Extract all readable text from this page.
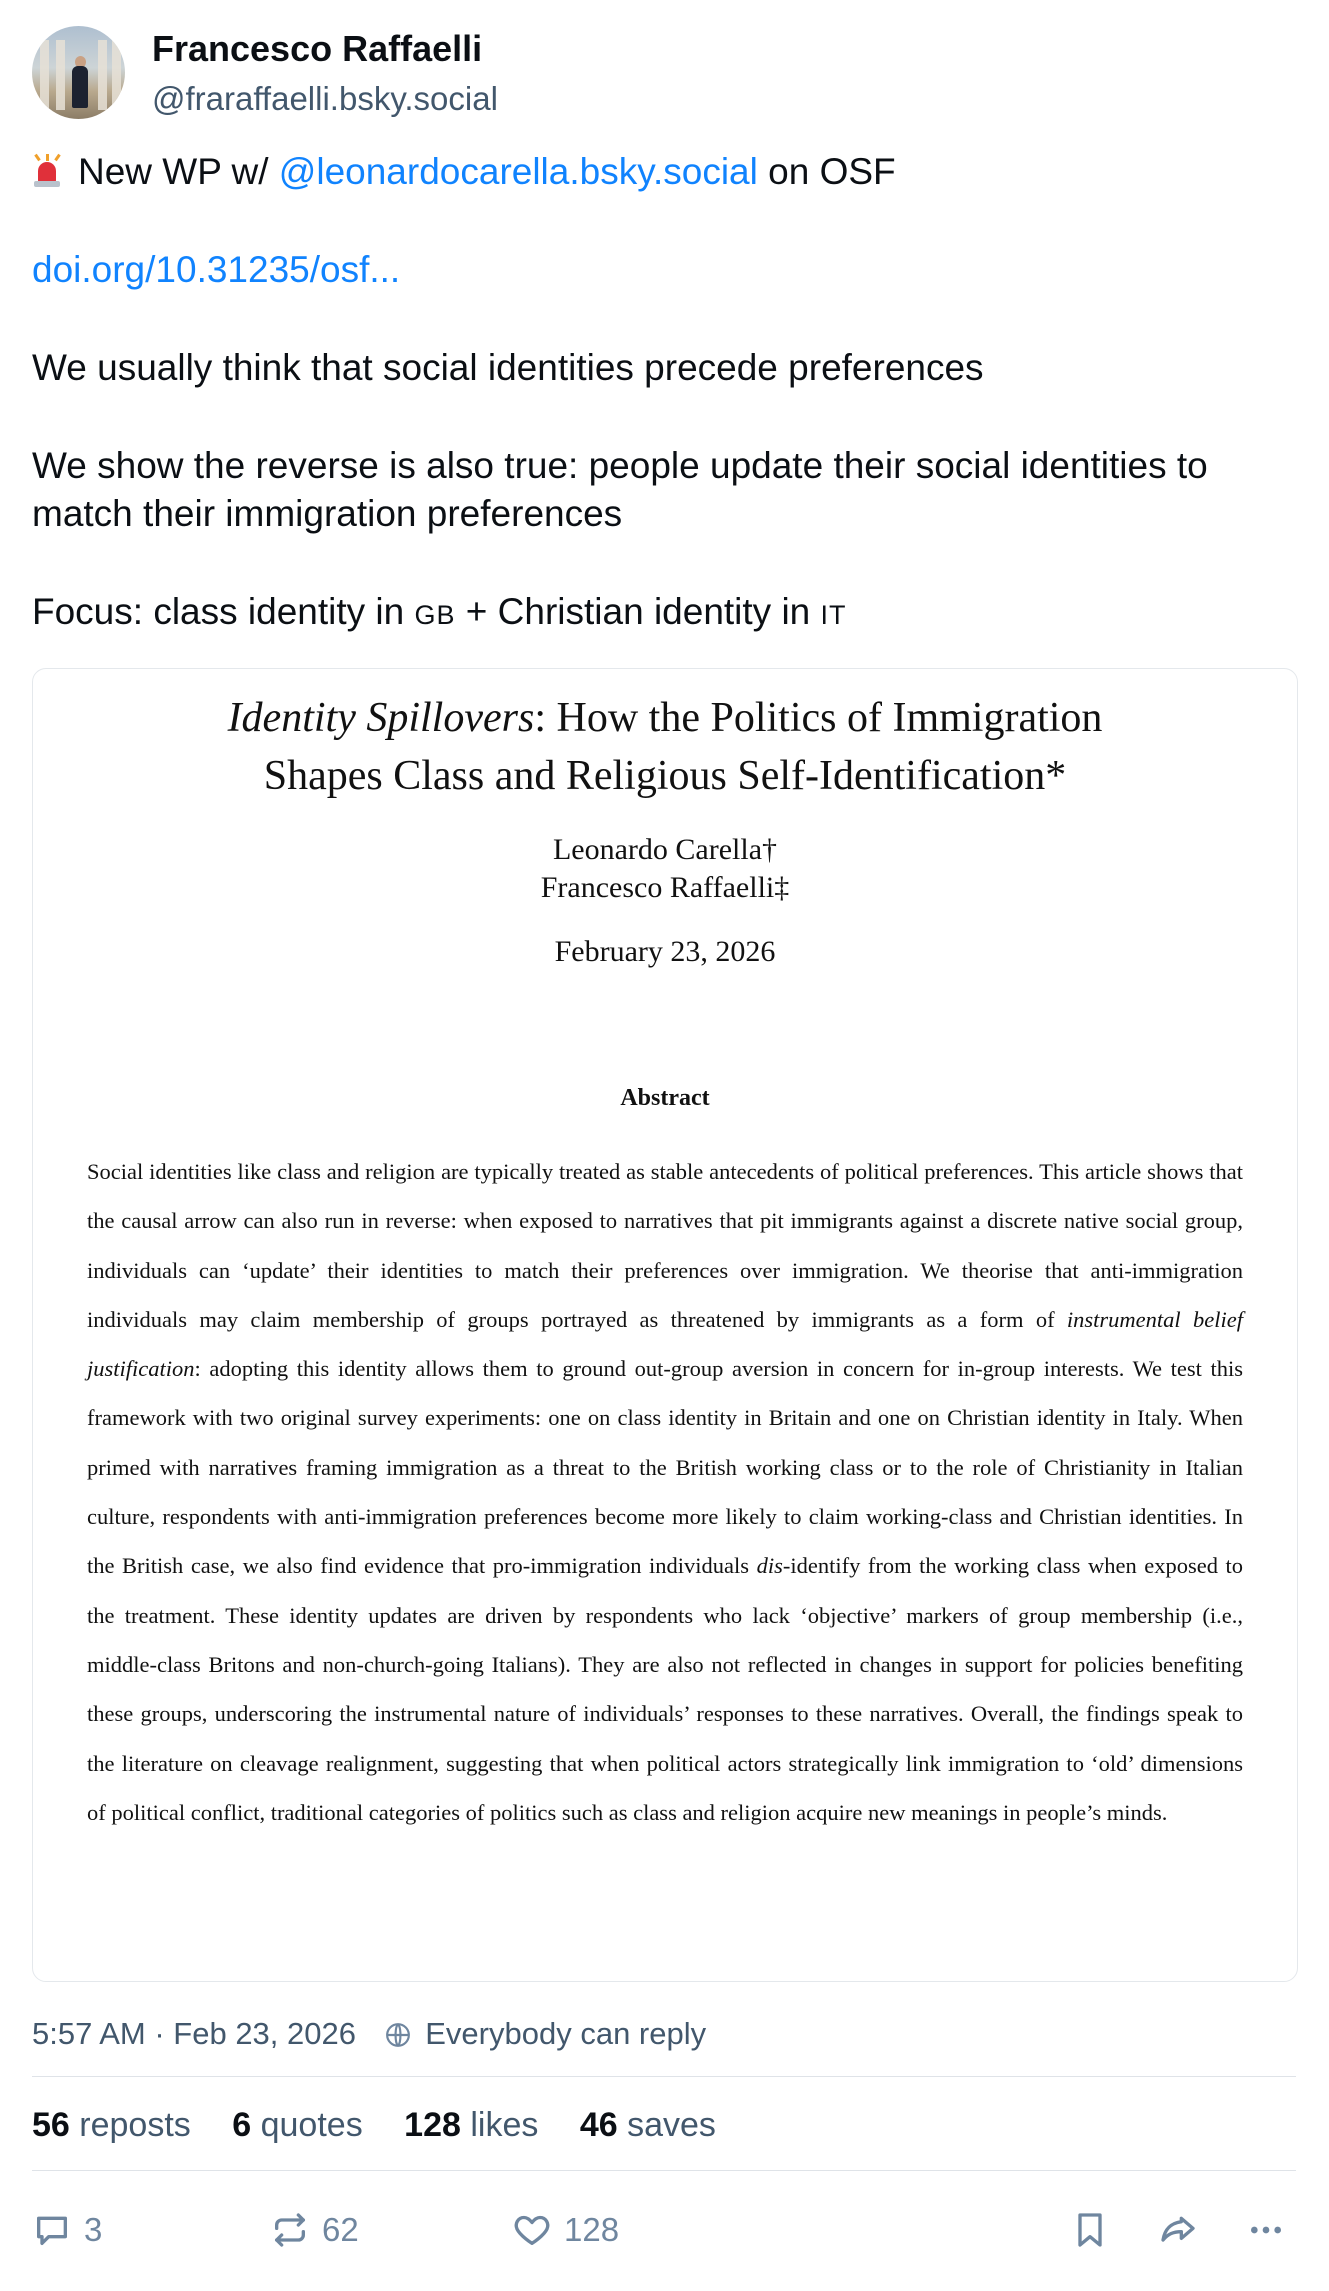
Francesco Raffaelli
@fraraffaelli.bsky.social

New WP w/ @leonardocarella.bsky.social on OSF

doi.org/10.31235/osf...

We usually think that social identities precede preferences

We show the reverse is also true: people update their social identities to match their immigration preferences

Focus: class identity in GB + Christian identity in IT

Identity Spillovers: How the Politics of Immigration
Shapes Class and Religious Self-Identification*
Leonardo Carella†
Francesco Raffaelli‡
February 23, 2026
Abstract
Social identities like class and religion are typically treated as stable antecedents of political preferences. This article shows that the causal arrow can also run in reverse: when exposed to narratives that pit immigrants against a discrete native social group, individuals can ‘update’ their identities to match their preferences over immigration. We theorise that anti-immigration individuals may claim membership of groups portrayed as threatened by immigrants as a form of instrumental belief justification: adopting this identity allows them to ground out-group aversion in concern for in-group interests. We test this framework with two original survey experiments: one on class identity in Britain and one on Christian identity in Italy. When primed with narratives framing immigration as a threat to the British working class or to the role of Christianity in Italian culture, respondents with anti-immigration preferences become more likely to claim working-class and Christian identities. In the British case, we also find evidence that pro-immigration individuals dis-identify from the working class when exposed to the treatment. These identity updates are driven by respondents who lack ‘objective’ markers of group membership (i.e., middle-class Britons and non-church-going Italians). They are also not reflected in changes in support for policies benefiting these groups, underscoring the instrumental nature of individuals’ responses to these narratives. Overall, the findings speak to the literature on cleavage realignment, suggesting that when political actors strategically link immigration to ‘old’ dimensions of political conflict, traditional categories of politics such as class and religion acquire new meanings in people’s minds.
5:57 AM · Feb 23, 2026 Everybody can reply
56 reposts 6 quotes 128 likes 46 saves
3	62	128
